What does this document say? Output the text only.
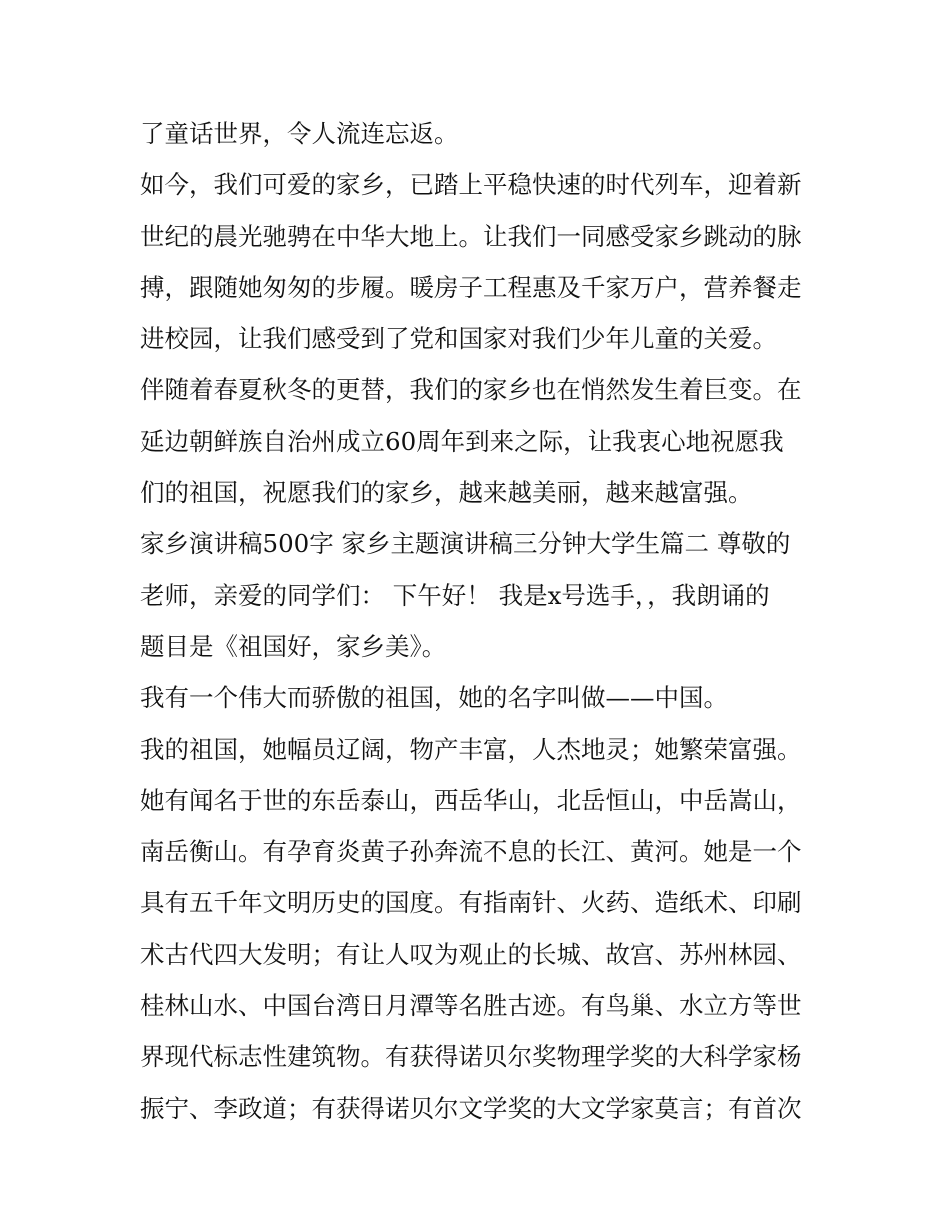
了童话世界，令人流连忘返。

如今，我们可爱的家乡，已踏上平稳快速的时代列车，迎着新

世纪的晨光驰骋在中华大地上。让我们一同感受家乡跳动的脉

搏，跟随她匆匆的步履。暖房子工程惠及千家万户，营养餐走

进校园，让我们感受到了党和国家对我们少年儿童的关爱。

伴随着春夏秋冬的更替，我们的家乡也在悄然发生着巨变。在

延边朝鲜族自治州成立60周年到来之际，让我衷心地祝愿我

们的祖国，祝愿我们的家乡，越来越美丽，越来越富强。

家乡演讲稿500字 家乡主题演讲稿三分钟大学生篇二 尊敬的

老师，亲爱的同学们： 下午好！ 我是x号选手，，我朗诵的

题目是《祖国好，家乡美》。

我有一个伟大而骄傲的祖国，她的名字叫做——中国。

我的祖国，她幅员辽阔，物产丰富，人杰地灵；她繁荣富强。

她有闻名于世的东岳泰山，西岳华山，北岳恒山，中岳嵩山，

南岳衡山。有孕育炎黄子孙奔流不息的长江、黄河。她是一个

具有五千年文明历史的国度。有指南针、火药、造纸术、印刷

术古代四大发明；有让人叹为观止的长城、故宫、苏州林园、

桂林山水、中国台湾日月潭等名胜古迹。有鸟巢、水立方等世

界现代标志性建筑物。有获得诺贝尔奖物理学奖的大科学家杨

振宁、李政道；有获得诺贝尔文学奖的大文学家莫言；有首次
